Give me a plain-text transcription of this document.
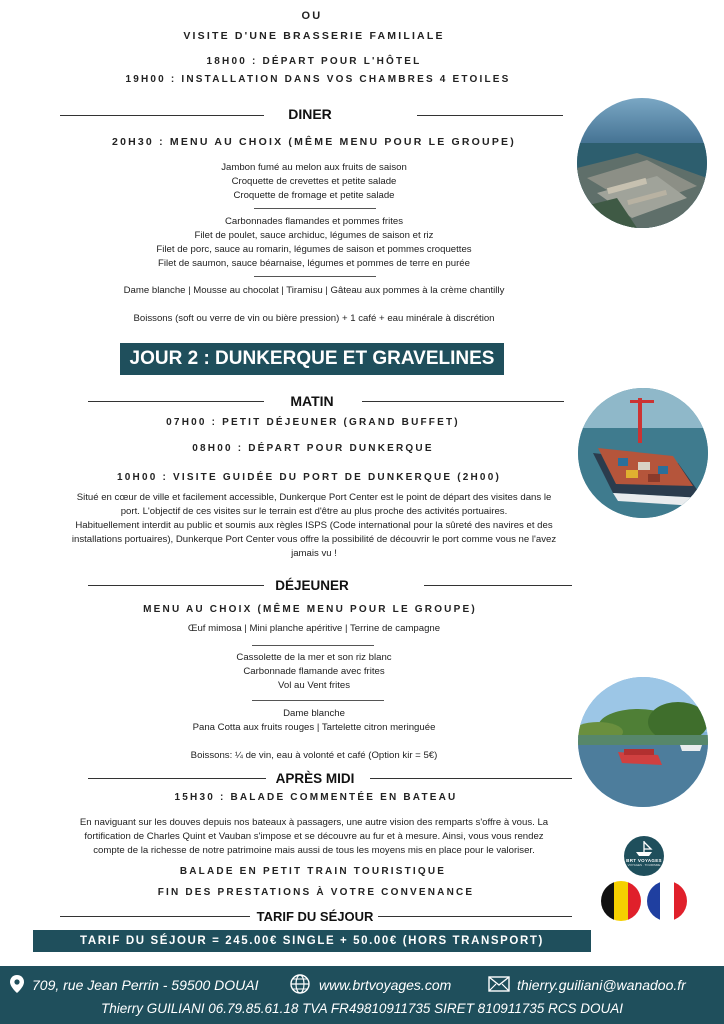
OU
VISITE D'UNE BRASSERIE FAMILIALE
18H00 : DÉPART POUR L'HÔTEL
19H00 : INSTALLATION DANS VOS CHAMBRES 4 ETOILES
DINER
20H30 : MENU AU CHOIX (MÊME MENU POUR LE GROUPE)
Jambon fumé au melon aux fruits de saison
Croquette de crevettes et petite salade
Croquette de fromage et petite salade
Carbonnades flamandes et pommes frites
Filet de poulet, sauce archiduc, légumes de saison et riz
Filet de porc, sauce au romarin, légumes de saison et pommes croquettes
Filet de saumon, sauce béarnaise, légumes et pommes de terre en purée
Dame blanche | Mousse au chocolat | Tiramisu | Gâteau aux pommes à la crème chantilly
Boissons (soft ou verre de vin ou bière pression) + 1 café + eau minérale à discrétion
JOUR 2 : DUNKERQUE ET GRAVELINES
MATIN
07H00 : PETIT DÉJEUNER (GRAND BUFFET)
08H00 : DÉPART POUR DUNKERQUE
10H00 : VISITE GUIDÉE DU PORT DE DUNKERQUE (2H00)
Situé en cœur de ville et facilement accessible, Dunkerque Port Center est le point de départ des visites dans le
port. L'objectif de ces visites sur le terrain est d'être au plus proche des activités portuaires.
Habituellement interdit au public et soumis aux règles ISPS (Code international pour la sûreté des navires et des
installations portuaires), Dunkerque Port Center vous offre la possibilité de découvrir le port comme vous ne l'avez
jamais vu !
DÉJEUNER
MENU AU CHOIX (MÊME MENU POUR LE GROUPE)
Œuf mimosa | Mini planche apéritive | Terrine de campagne
Cassolette de la mer et son riz blanc
Carbonnade flamande avec frites
Vol au Vent frites
Dame blanche
Pana Cotta aux fruits rouges | Tartelette citron meringuée
Boissons: ¼ de vin, eau à volonté et café (Option kir = 5€)
APRÈS MIDI
15H30 : BALADE COMMENTÉE EN BATEAU
En naviguant sur les douves depuis nos bateaux à passagers, une autre vision des remparts s'offre à vous. La
fortification de Charles Quint et Vauban s'impose et se découvre au fur et à mesure. Ainsi, vous vous rendez
compte de la richesse de notre patrimoine mais aussi de tous les moyens mis en place pour le valoriser.
BALADE EN PETIT TRAIN TOURISTIQUE
FIN DES PRESTATIONS À VOTRE CONVENANCE
BRT VOYAGES
VOYAGES · TOURISME
TARIF DU SÉJOUR
TARIF DU SÉJOUR = 245.00€ SINGLE + 50.00€ (HORS TRANSPORT)
709, rue Jean Perrin - 59500 DOUAI	www.brtvoyages.com	thierry.guiliani@wanadoo.fr
Thierry GUILIANI 06.79.85.61.18 TVA FR49810911735 SIRET 810911735 RCS DOUAI
